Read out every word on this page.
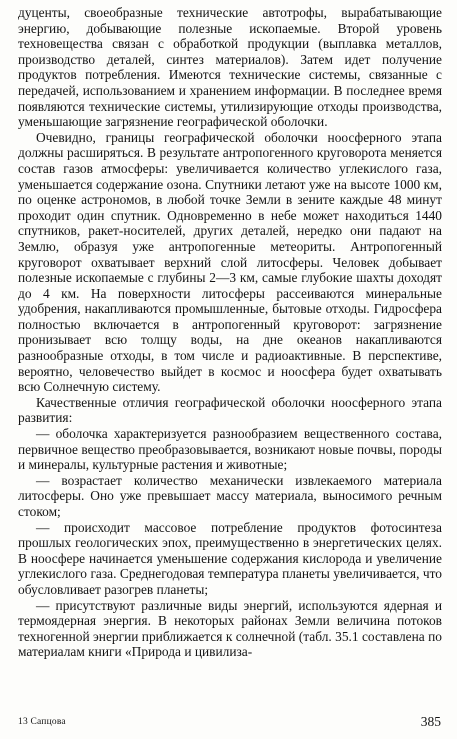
дуценты, своеобразные технические автотрофы, вырабатывающие энергию, добывающие полезные ископаемые. Второй уровень техновещества связан с обработкой продукции (выплавка металлов, производство деталей, синтез материалов). Затем идет получение продуктов потребления. Имеются технические системы, связанные с передачей, использованием и хранением информации. В последнее время появляются технические системы, утилизирующие отходы производства, уменьшающие загрязнение географической оболочки.

Очевидно, границы географической оболочки ноосферного этапа должны расширяться. В результате антропогенного круговорота меняется состав газов атмосферы: увеличивается количество углекислого газа, уменьшается содержание озона. Спутники летают уже на высоте 1000 км, по оценке астрономов, в любой точке Земли в зените каждые 48 минут проходит один спутник. Одновременно в небе может находиться 1440 спутников, ракет-носителей, других деталей, нередко они падают на Землю, образуя уже антропогенные метеориты. Антропогенный круговорот охватывает верхний слой литосферы. Человек добывает полезные ископаемые с глубины 2—3 км, самые глубокие шахты доходят до 4 км. На поверхности литосферы рассеиваются минеральные удобрения, накапливаются промышленные, бытовые отходы. Гидросфера полностью включается в антропогенный круговорот: загрязнение пронизывает всю толщу воды, на дне океанов накапливаются разнообразные отходы, в том числе и радиоактивные. В перспективе, вероятно, человечество выйдет в космос и ноосфера будет охватывать всю Солнечную систему.

Качественные отличия географической оболочки ноосферного этапа развития:

— оболочка характеризуется разнообразием вещественного состава, первичное вещество преобразовывается, возникают новые почвы, породы и минералы, культурные растения и животные;

— возрастает количество механически извлекаемого материала литосферы. Оно уже превышает массу материала, выносимого речным стоком;

— происходит массовое потребление продуктов фотосинтеза прошлых геологических эпох, преимущественно в энергетических целях. В ноосфере начинается уменьшение содержания кислорода и увеличение углекислого газа. Среднегодовая температура планеты увеличивается, что обусловливает разогрев планеты;

— присутствуют различные виды энергий, используются ядерная и термоядерная энергия. В некоторых районах Земли величина потоков техногенной энергии приближается к солнечной (табл. 35.1 составлена по материалам книги «Природа и цивилиза-

13 Сапцова	385
